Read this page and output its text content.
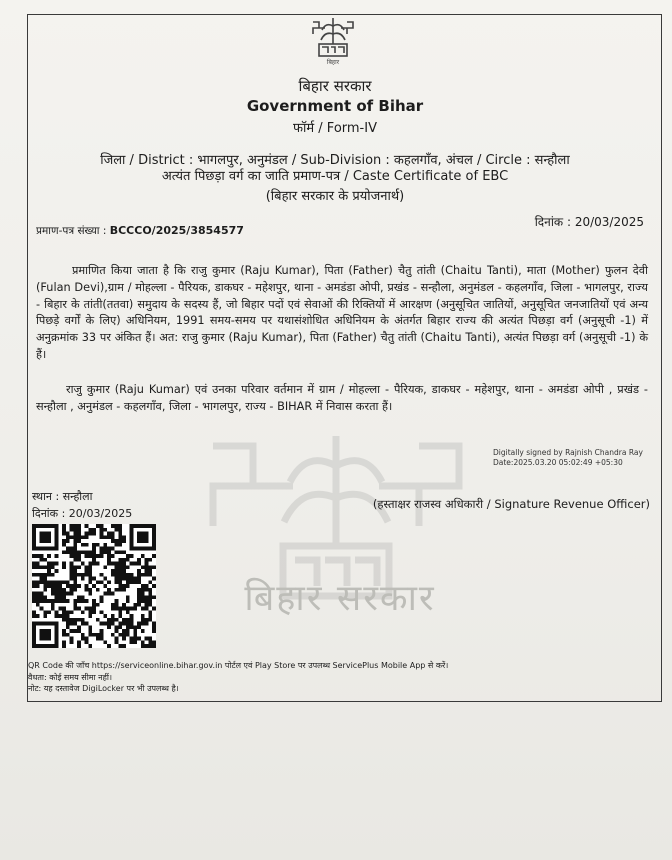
बिहार
बिहार सरकार
बिहार सरकार
Government of Bihar
फॉर्म / Form-IV
जिला / District : भागलपुर, अनुमंडल / Sub-Division : कहलगाँव, अंचल / Circle : सन्हौला
अत्यंत पिछड़ा वर्ग का जाति प्रमाण-पत्र / Caste Certificate of EBC
(बिहार सरकार के प्रयोजनार्थ)
प्रमाण-पत्र संख्या : BCCCO/2025/3854577
दिनांक : 20/03/2025

प्रमाणित किया जाता है कि राजु कुमार (Raju Kumar), पिता (Father) चैतु तांती (Chaitu Tanti), माता (Mother) फुलन देवी (Fulan Devi),ग्राम / मोहल्ला - पैरियक, डाकघर - महेशपुर, थाना - अमडंडा ओपी, प्रखंड - सन्हौला, अनुमंडल - कहलगाँव, जिला - भागलपुर, राज्य - बिहार के तांती(ततवा) समुदाय के सदस्य हैं, जो बिहार पदों एवं सेवाओं की रिक्तियों में आरक्षण (अनुसूचित जातियों, अनुसूचित जनजातियों एवं अन्य पिछड़े वर्गों के लिए) अधिनियम, 1991 समय-समय पर यथासंशोधित अधिनियम के अंतर्गत बिहार राज्य की अत्यंत पिछड़ा वर्ग (अनुसूची -1) में अनुक्रमांक 33 पर अंकित हैं। अत: राजु कुमार (Raju Kumar), पिता (Father) चैतु तांती (Chaitu Tanti), अत्यंत पिछड़ा वर्ग (अनुसूची -1) के हैं।

राजु कुमार (Raju Kumar) एवं उनका परिवार वर्तमान में ग्राम / मोहल्ला - पैरियक, डाकघर - महेशपुर, थाना - अमडंडा ओपी , प्रखंड - सन्हौला , अनुमंडल - कहलगाँव, जिला - भागलपुर, राज्य - BIHAR में निवास करता हैं।

Digitally signed by Rajnish Chandra Ray
Date:2025.03.20 05:02:49 +05:30
स्थान : सन्हौला
दिनांक : 20/03/2025
(हस्ताक्षर राजस्व अधिकारी / Signature Revenue Officer)
QR Code की जाँच https://serviceonline.bihar.gov.in पोर्टल एवं Play Store पर उपलब्ध ServicePlus Mobile App से करें।
वैधता: कोई समय सीमा नहीं।
नोट: यह दस्तावेज DigiLocker पर भी उपलब्ध है।
